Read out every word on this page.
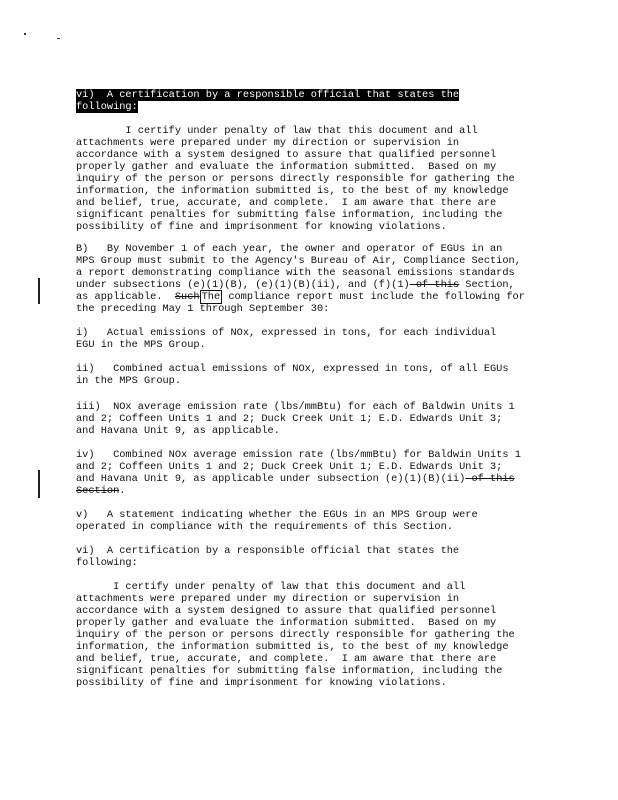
vi)  A certification by a responsible official that states the
following:
I certify under penalty of law that this document and all
attachments were prepared under my direction or supervision in
accordance with a system designed to assure that qualified personnel
properly gather and evaluate the information submitted.  Based on my
inquiry of the person or persons directly responsible for gathering the
information, the information submitted is, to the best of my knowledge
and belief, true, accurate, and complete.  I am aware that there are
significant penalties for submitting false information, including the
possibility of fine and imprisonment for knowing violations.
B)   By November 1 of each year, the owner and operator of EGUs in an
MPS Group must submit to the Agency's Bureau of Air, Compliance Section,
a report demonstrating compliance with the seasonal emissions standards
under subsections (e)(1)(B), (e)(1)(B)(ii), and (f)(1) of this Section,
as applicable.  Such The compliance report must include the following for
the preceding May 1 through September 30:
i)   Actual emissions of NOx, expressed in tons, for each individual
EGU in the MPS Group.
ii)   Combined actual emissions of NOx, expressed in tons, of all EGUs
in the MPS Group.
iii)  NOx average emission rate (lbs/mmBtu) for each of Baldwin Units 1
and 2; Coffeen Units 1 and 2; Duck Creek Unit 1; E.D. Edwards Unit 3;
and Havana Unit 9, as applicable.
iv)   Combined NOx average emission rate (lbs/mmBtu) for Baldwin Units 1
and 2; Coffeen Units 1 and 2; Duck Creek Unit 1; E.D. Edwards Unit 3;
and Havana Unit 9, as applicable under subsection (e)(1)(B)(ii) of this
Section.
v)   A statement indicating whether the EGUs in an MPS Group were
operated in compliance with the requirements of this Section.
vi)  A certification by a responsible official that states the
following:
I certify under penalty of law that this document and all
attachments were prepared under my direction or supervision in
accordance with a system designed to assure that qualified personnel
properly gather and evaluate the information submitted.  Based on my
inquiry of the person or persons directly responsible for gathering the
information, the information submitted is, to the best of my knowledge
and belief, true, accurate, and complete.  I am aware that there are
significant penalties for submitting false information, including the
possibility of fine and imprisonment for knowing violations.
